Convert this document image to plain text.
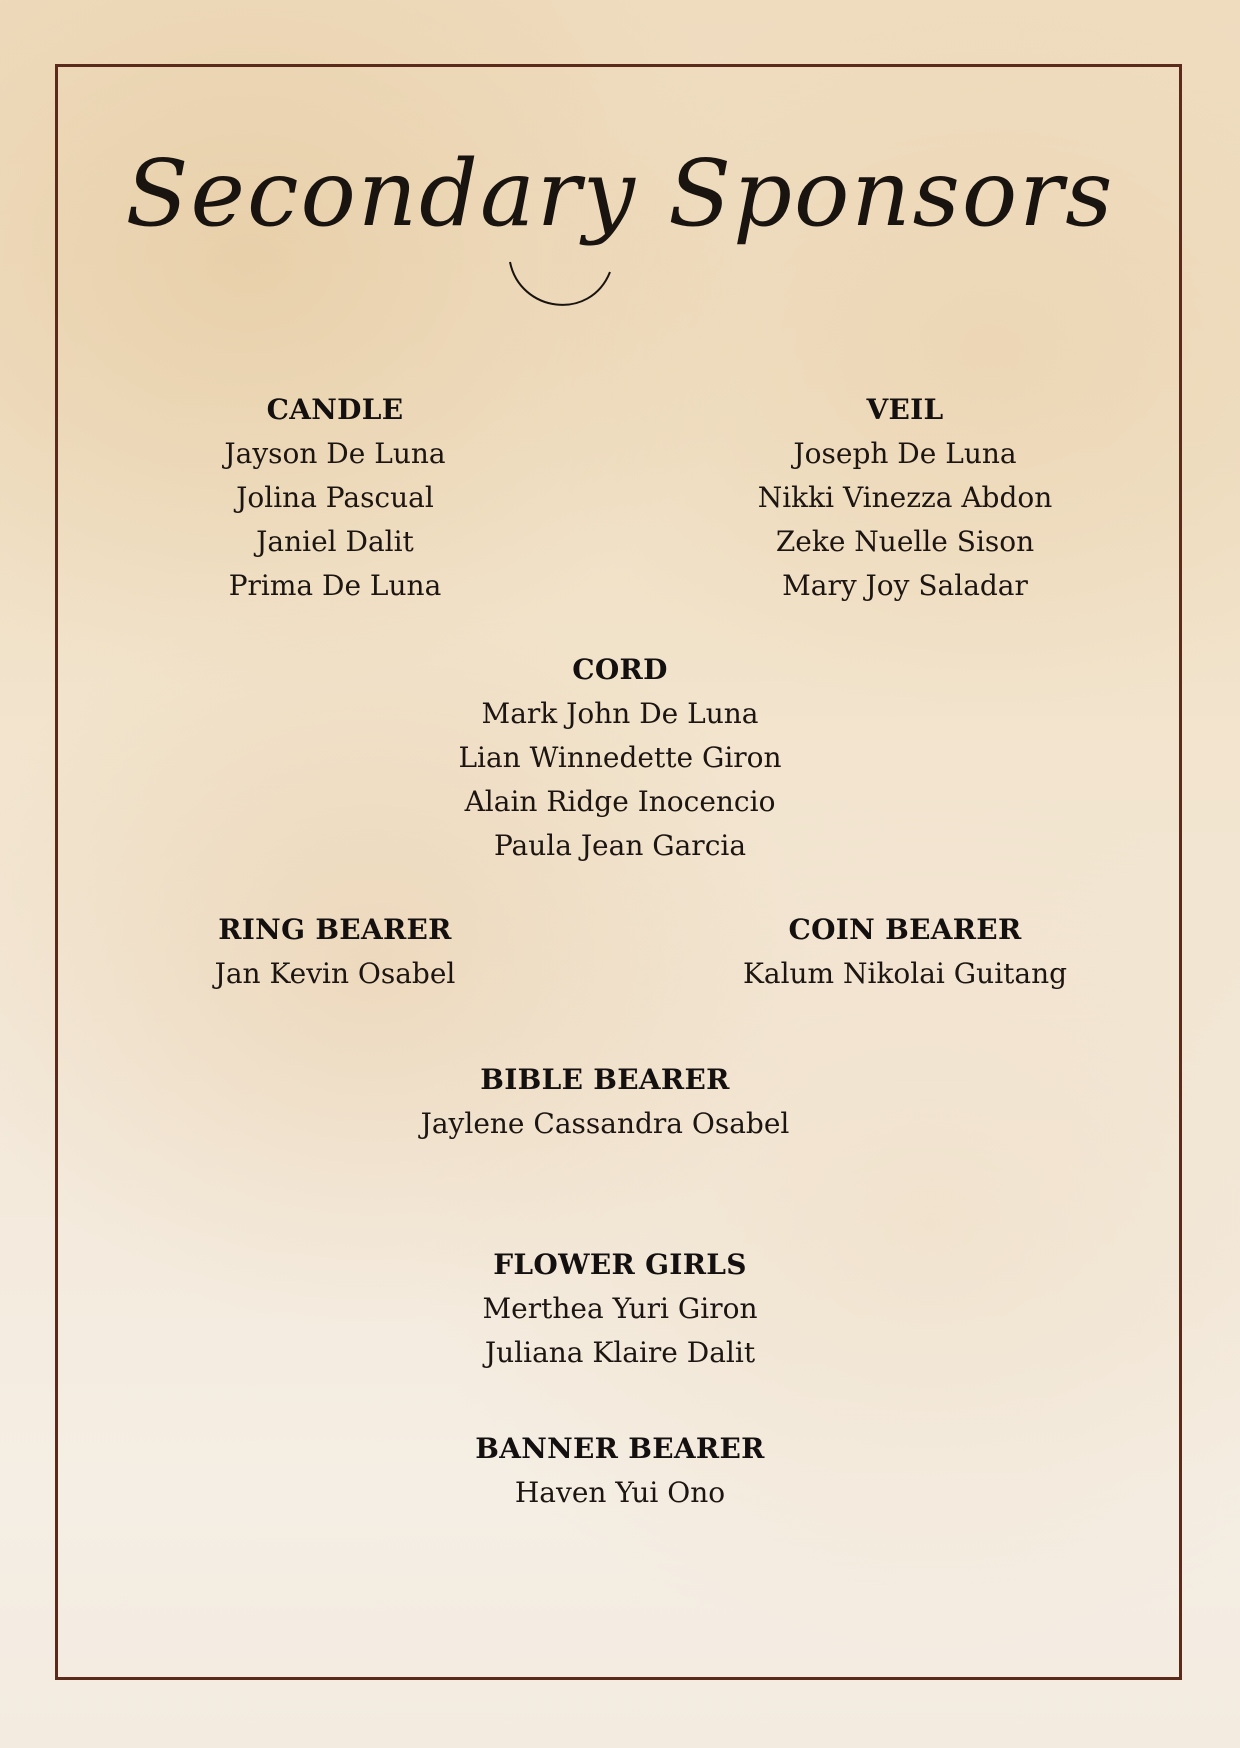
Secondary Sponsors
CANDLE
Jayson De Luna
Jolina Pascual
Janiel Dalit
Prima De Luna
VEIL
Joseph De Luna
Nikki Vinezza Abdon
Zeke Nuelle Sison
Mary Joy Saladar
CORD
Mark John De Luna
Lian Winnedette Giron
Alain Ridge Inocencio
Paula Jean Garcia
RING BEARER
Jan Kevin Osabel
COIN BEARER
Kalum Nikolai Guitang
BIBLE BEARER
Jaylene Cassandra Osabel
FLOWER GIRLS
Merthea Yuri Giron
Juliana Klaire Dalit
BANNER BEARER
Haven Yui Ono
